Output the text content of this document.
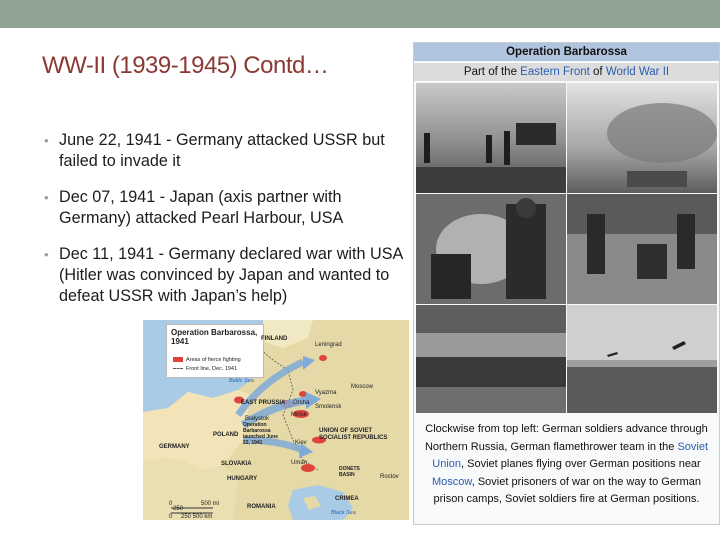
WW-II (1939-1945) Contd…
• June 22, 1941 - Germany attacked USSR but failed to invade it
• Dec 07, 1941 - Japan (axis partner with Germany) attacked Pearl Harbour, USA
• Dec 11, 1941 - Germany declared war with USA (Hitler was convinced by Japan and wanted to defeat USSR with Japan’s help)
Operation Barbarossa, 1941
Areas of fierce fighting
Front line, Dec. 1941
FINLAND
Leningrad
Baltic Sea
Moscow
EAST PRUSSIA
Białystok
Vyazma
Orsha
Smolensk
Minsk
POLAND
Operation Barbarossa launched June 22, 1941
UNION OF SOVIET SOCIALIST REPUBLICS
GERMANY
Kiev
SLOVAKIA	Uman
DONETS BASIN
HUNGARY	Rostov
CRIMEA
ROMANIA
Black Sea
0	500 mi
0
250
250 500 km
Operation Barbarossa
Part of the Eastern Front of World War II
Clockwise from top left: German soldiers advance through Northern Russia, German flamethrower team in the Soviet Union, Soviet planes flying over German positions near Moscow, Soviet prisoners of war on the way to German prison camps, Soviet soldiers fire at German positions.
